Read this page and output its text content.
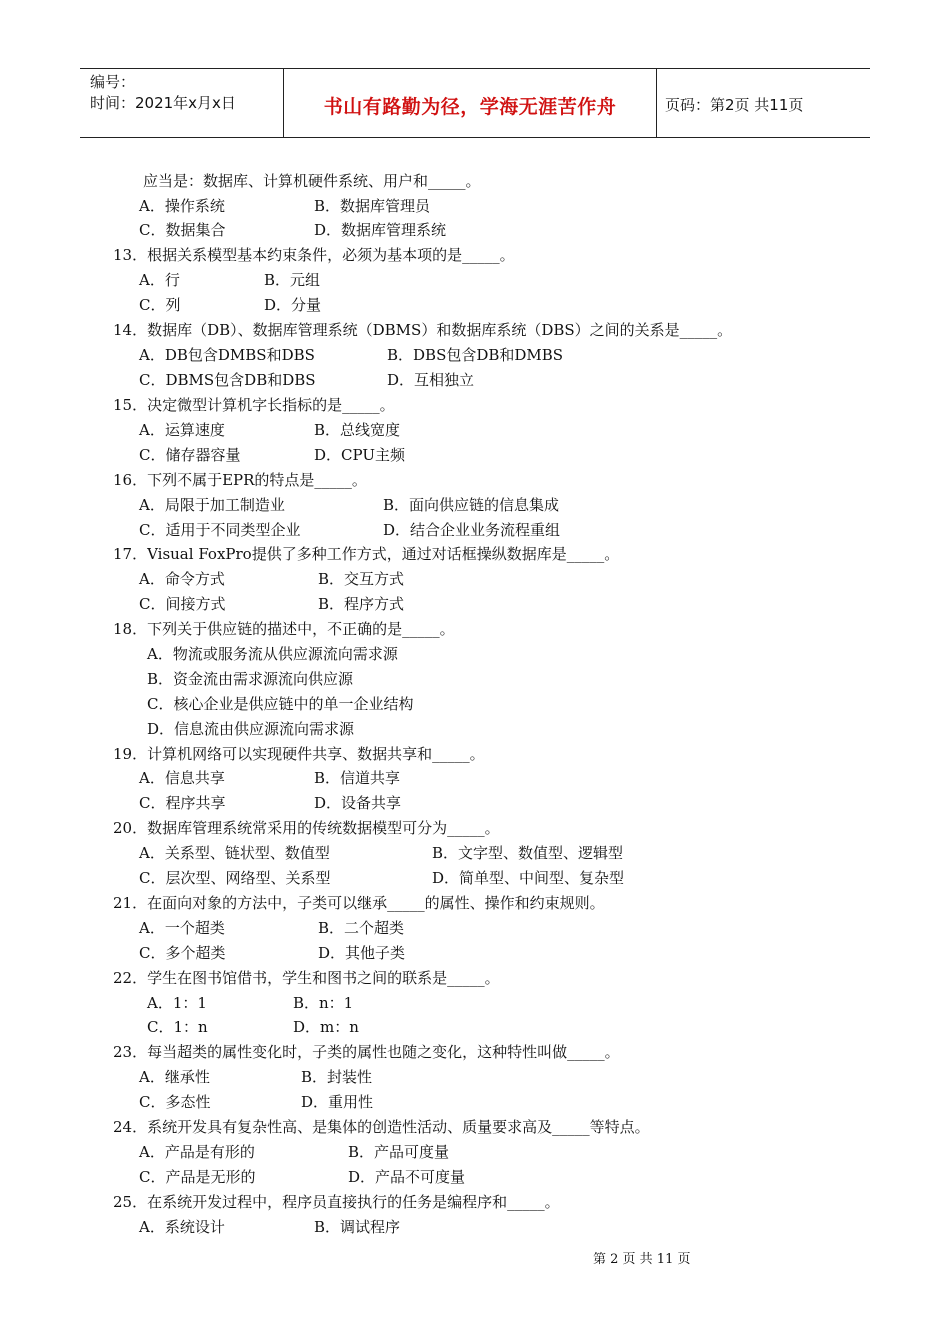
编号：
时间：2021年x月x日	书山有路勤为径，学海无涯苦作舟	页码：第2页 共11页
应当是：数据库、计算机硬件系统、用户和_____。
A．操作系统	B．数据库管理员
C．数据集合	D．数据库管理系统
13．根据关系模型基本约束条件，必须为基本项的是_____。
A．行	B．元组
C．列	D．分量
14．数据库（DB）、数据库管理系统（DBMS）和数据库系统（DBS）之间的关系是_____。
A．DB包含DMBS和DBS	B．DBS包含DB和DMBS
C．DBMS包含DB和DBS	D．互相独立
15．决定微型计算机字长指标的是_____。
A．运算速度	B．总线宽度
C．储存器容量	D．CPU主频
16．下列不属于EPR的特点是_____。
A．局限于加工制造业	B．面向供应链的信息集成
C．适用于不同类型企业	D．结合企业业务流程重组
17．Visual FoxPro提供了多种工作方式，通过对话框操纵数据库是_____。
A．命令方式	B．交互方式
C．间接方式	B．程序方式
18．下列关于供应链的描述中，不正确的是_____。
A．物流或服务流从供应源流向需求源
B．资金流由需求源流向供应源
C．核心企业是供应链中的单一企业结构
D．信息流由供应源流向需求源
19．计算机网络可以实现硬件共享、数据共享和_____。
A．信息共享	B．信道共享
C．程序共享	D．设备共享
20．数据库管理系统常采用的传统数据模型可分为_____。
A．关系型、链状型、数值型	B．文字型、数值型、逻辑型
C．层次型、网络型、关系型	D．简单型、中间型、复杂型
21．在面向对象的方法中，子类可以继承_____的属性、操作和约束规则。
A．一个超类	B．二个超类
C．多个超类	D．其他子类
22．学生在图书馆借书，学生和图书之间的联系是_____。
A．1：1	B．n：1
C．1：n	D．m：n
23．每当超类的属性变化时，子类的属性也随之变化，这种特性叫做_____。
A．继承性	B．封装性
C．多态性	D．重用性
24．系统开发具有复杂性高、是集体的创造性活动、质量要求高及_____等特点。
A．产品是有形的	B．产品可度量
C．产品是无形的	D．产品不可度量
25．在系统开发过程中，程序员直接执行的任务是编程序和_____。
A．系统设计	B．调试程序
第 2 页 共 11 页
